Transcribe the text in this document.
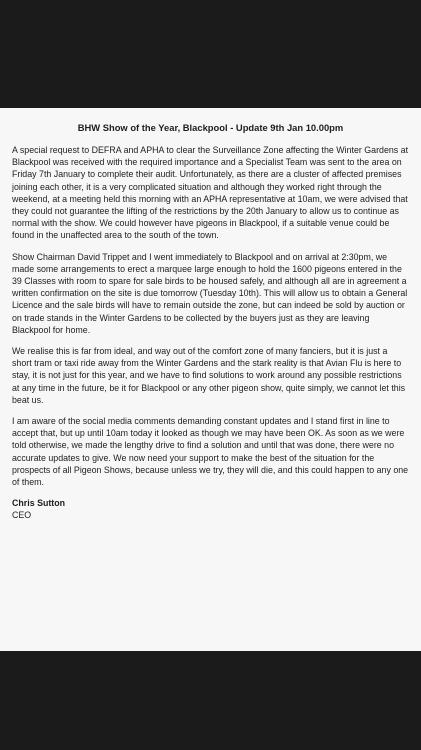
BHW Show of the Year, Blackpool - Update 9th Jan 10.00pm

A special request to DEFRA and APHA to clear the Surveillance Zone affecting the Winter Gardens at Blackpool was received with the required importance and a Specialist Team was sent to the area on Friday 7th January to complete their audit. Unfortunately, as there are a cluster of affected premises joining each other, it is a very complicated situation and although they worked right through the weekend, at a meeting held this morning with an APHA representative at 10am, we were advised that they could not guarantee the lifting of the restrictions by the 20th January to allow us to continue as normal with the show. We could however have pigeons in Blackpool, if a suitable venue could be found in the unaffected area to the south of the town.

Show Chairman David Trippet and I went immediately to Blackpool and on arrival at 2:30pm, we made some arrangements to erect a marquee large enough to hold the 1600 pigeons entered in the 39 Classes with room to spare for sale birds to be housed safely, and although all are in agreement a written confirmation on the site is due tomorrow (Tuesday 10th). This will allow us to obtain a General Licence and the sale birds will have to remain outside the zone, but can indeed be sold by auction or on trade stands in the Winter Gardens to be collected by the buyers just as they are leaving Blackpool for home.

We realise this is far from ideal, and way out of the comfort zone of many fanciers, but it is just a short tram or taxi ride away from the Winter Gardens and the stark reality is that Avian Flu is here to stay, it is not just for this year, and we have to find solutions to work around any possible restrictions at any time in the future, be it for Blackpool or any other pigeon show, quite simply, we cannot let this beat us.

I am aware of the social media comments demanding constant updates and I stand first in line to accept that, but up until 10am today it looked as though we may have been OK. As soon as we were told otherwise, we made the lengthy drive to find a solution and until that was done, there were no accurate updates to give. We now need your support to make the best of the situation for the prospects of all Pigeon Shows, because unless we try, they will die, and this could happen to any one of them.

Chris Sutton
CEO
